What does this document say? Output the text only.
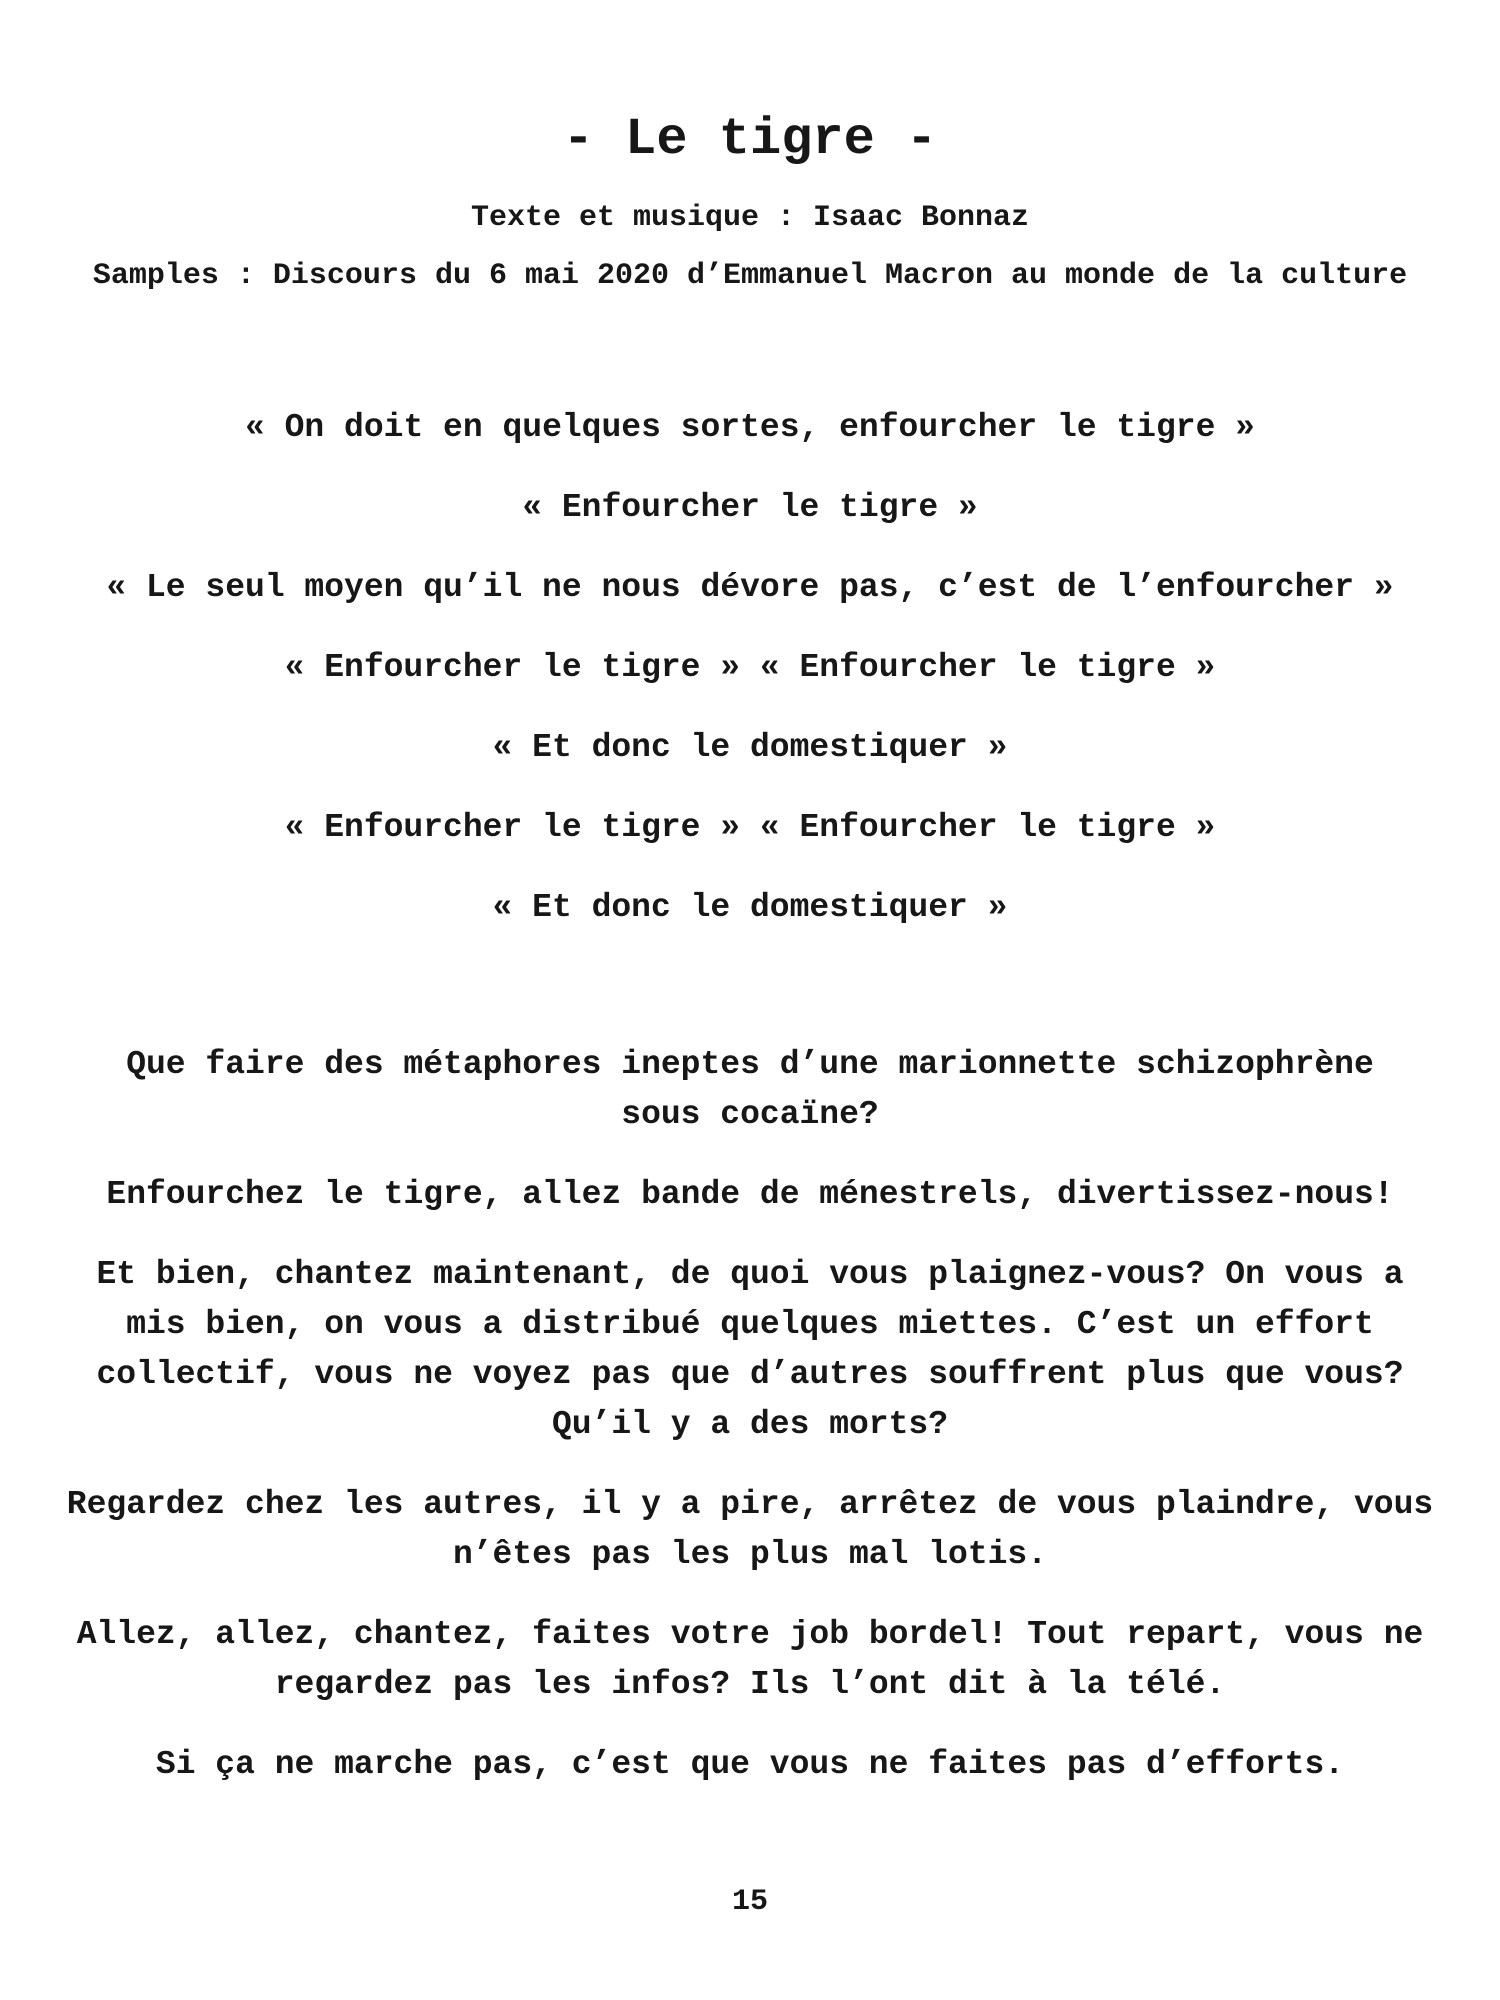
- Le tigre -
Texte et musique : Isaac Bonnaz
Samples : Discours du 6 mai 2020 d’Emmanuel Macron au monde de la culture
« On doit en quelques sortes, enfourcher le tigre »
« Enfourcher le tigre »
« Le seul moyen qu’il ne nous dévore pas, c’est de l’enfourcher »
« Enfourcher le tigre » « Enfourcher le tigre »
« Et donc le domestiquer »
« Enfourcher le tigre » « Enfourcher le tigre »
« Et donc le domestiquer »

Que faire des métaphores ineptes d’une marionnette schizophrène sous cocaïne?

Enfourchez le tigre, allez bande de ménestrels, divertissez-nous!

Et bien, chantez maintenant, de quoi vous plaignez-vous? On vous a mis bien, on vous a distribué quelques miettes. C’est un effort collectif, vous ne voyez pas que d’autres souffrent plus que vous? Qu’il y a des morts?

Regardez chez les autres, il y a pire, arrêtez de vous plaindre, vous n’êtes pas les plus mal lotis.

Allez, allez, chantez, faites votre job bordel! Tout repart, vous ne regardez pas les infos? Ils l’ont dit à la télé.

Si ça ne marche pas, c’est que vous ne faites pas d’efforts.

15
